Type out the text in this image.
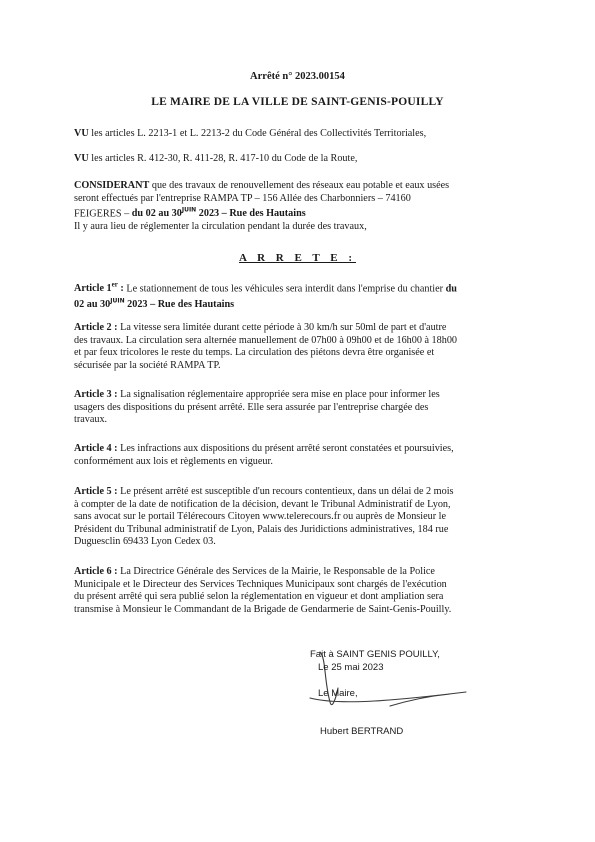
Arrêté n° 2023.00154
LE MAIRE DE LA VILLE DE SAINT-GENIS-POUILLY
VU les articles L. 2213-1 et L. 2213-2 du Code Général des Collectivités Territoriales,
VU les articles R. 412-30, R. 411-28, R. 417-10 du Code de la Route,
CONSIDERANT que des travaux de renouvellement des réseaux eau potable et eaux usées
seront effectués par l'entreprise RAMPA TP – 156 Allée des Charbonniers – 74160
FEIGERES – du 02 au $30^{JUIN}$ 2023 – Rue des Hautains
Il y aura lieu de réglementer la circulation pendant la durée des travaux,
A R R E T E :
Article 1er : Le stationnement de tous les véhicules sera interdit dans l'emprise du chantier du
02 au $30^{JUIN}$ 2023 – Rue des Hautains
Article 2 : La vitesse sera limitée durant cette période à 30 km/h sur 50ml de part et d'autre
des travaux. La circulation sera alternée manuellement de 07h00 à 09h00 et de 16h00 à 18h00
et par feux tricolores le reste du temps. La circulation des piétons devra être organisée et
sécurisée par la société RAMPA TP.
Article 3 : La signalisation réglementaire appropriée sera mise en place pour informer les
usagers des dispositions du présent arrêté. Elle sera assurée par l'entreprise chargée des
travaux.
Article 4 : Les infractions aux dispositions du présent arrêté seront constatées et poursuivies,
conformément aux lois et règlements en vigueur.
Article 5 : Le présent arrêté est susceptible d'un recours contentieux, dans un délai de 2 mois
à compter de la date de notification de la décision, devant le Tribunal Administratif de Lyon,
sans avocat sur le portail Télérecours Citoyen www.telerecours.fr ou auprès de Monsieur le
Président du Tribunal administratif de Lyon, Palais des Juridictions administratives, 184 rue
Duguesclin 69433 Lyon Cedex 03.
Article 6 : La Directrice Générale des Services de la Mairie, le Responsable de la Police
Municipale et le Directeur des Services Techniques Municipaux sont chargés de l'exécution
du présent arrêté qui sera publié selon la réglementation en vigueur et dont ampliation sera
transmise à Monsieur le Commandant de la Brigade de Gendarmerie de Saint-Genis-Pouilly.
Fait à SAINT GENIS POUILLY,
Le 25 mai 2023
Le Maire,
Hubert BERTRAND
